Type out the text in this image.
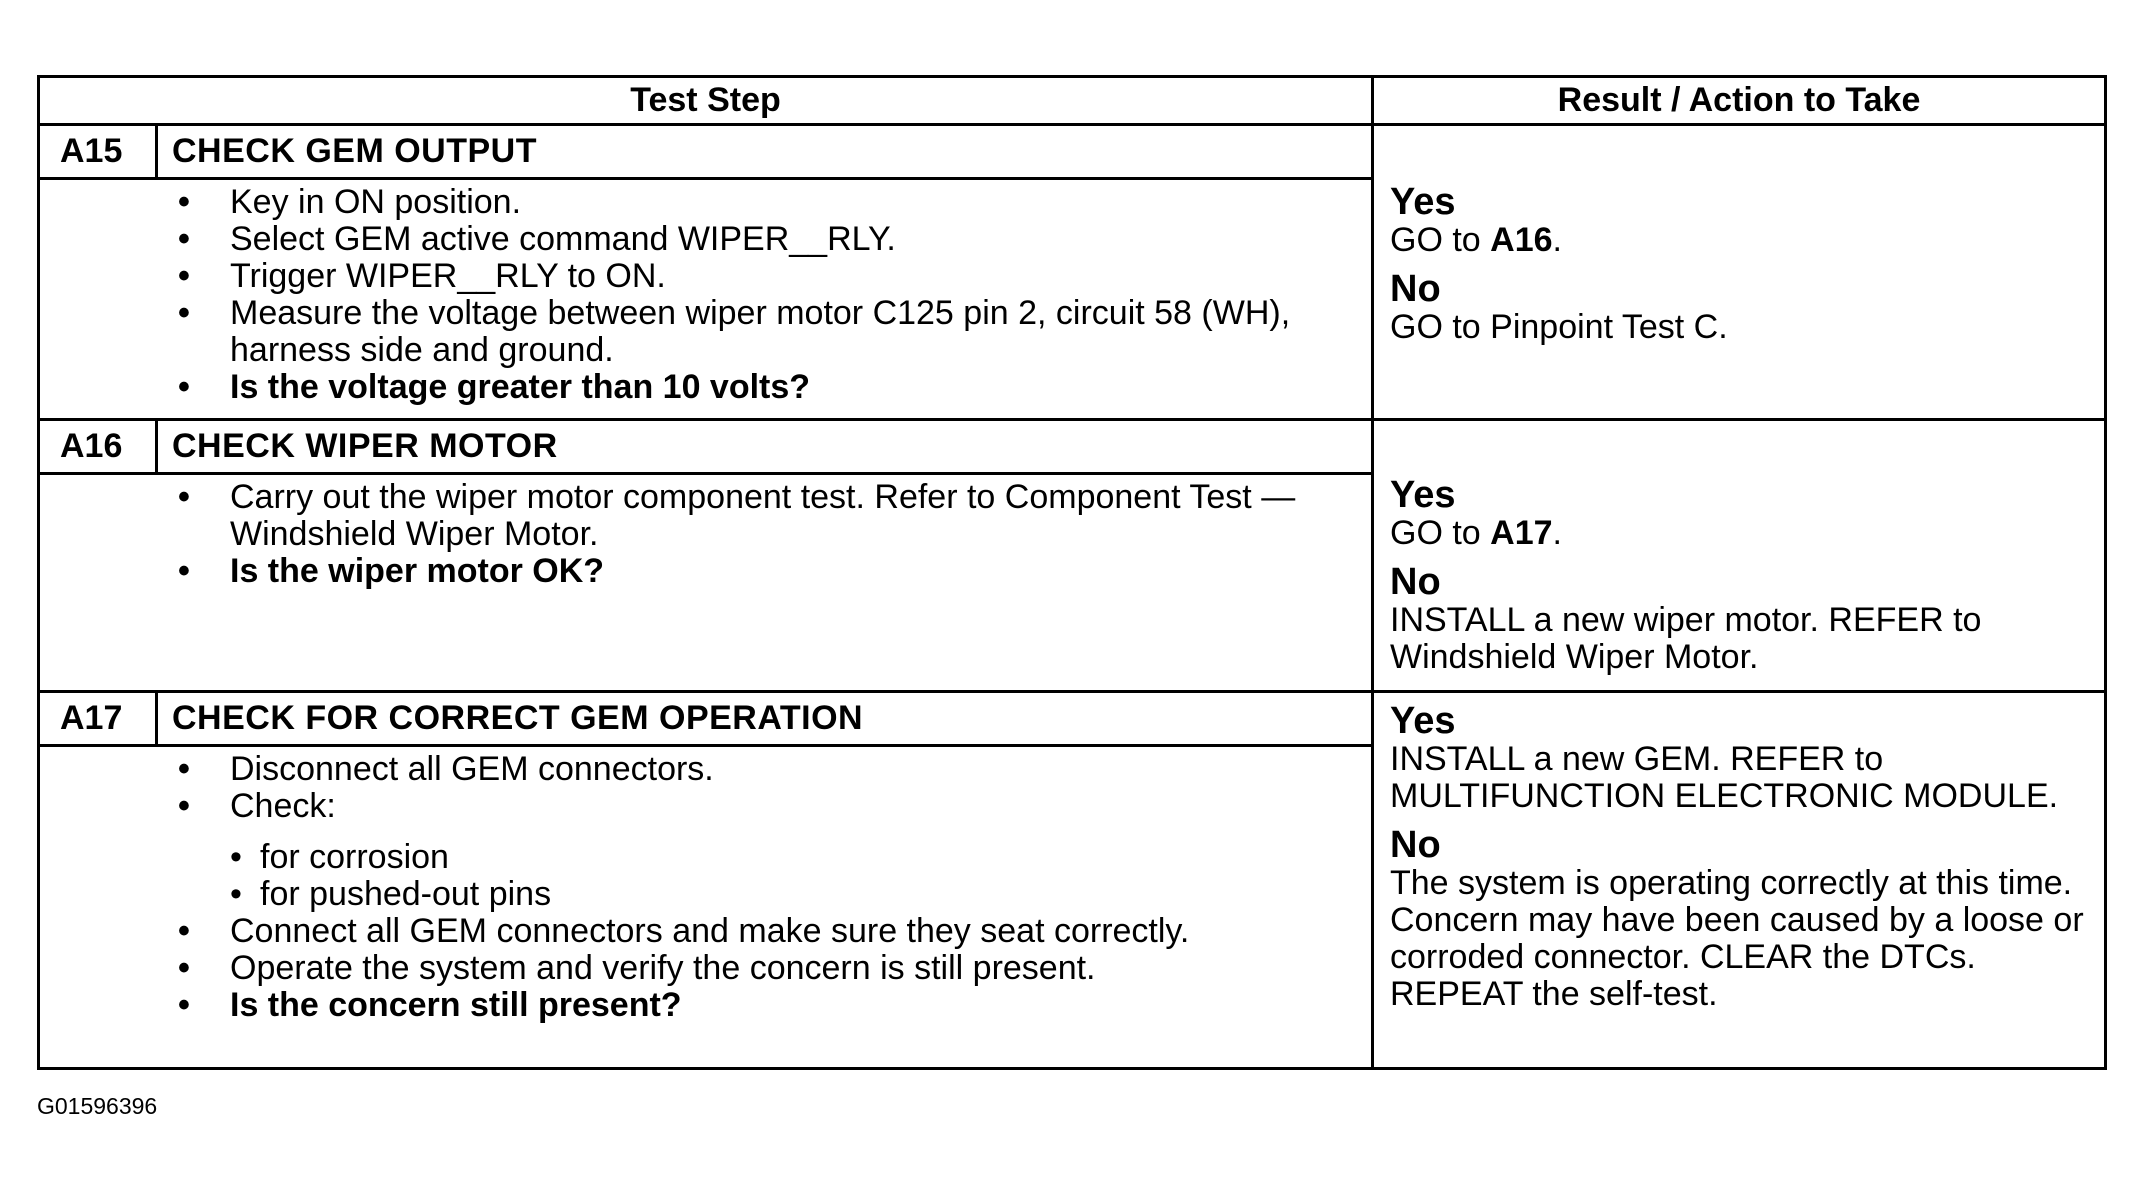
Test Step	Result / Action to Take
A15	CHECK GEM OUTPUT
• Key in ON position.
• Select GEM active command WIPER__RLY.
• Trigger WIPER__RLY to ON.
• Measure the voltage between wiper motor C125 pin 2, circuit 58 (WH), harness side and ground.
• Is the voltage greater than 10 volts?
Yes
GO to A16.
No
GO to Pinpoint Test C.
A16	CHECK WIPER MOTOR
• Carry out the wiper motor component test. Refer to Component Test — Windshield Wiper Motor.
• Is the wiper motor OK?
Yes
GO to A17.
No
INSTALL a new wiper motor. REFER to Windshield Wiper Motor.
A17	CHECK FOR CORRECT GEM OPERATION
• Disconnect all GEM connectors.
• Check:
• for corrosion
• for pushed-out pins
• Connect all GEM connectors and make sure they seat correctly.
• Operate the system and verify the concern is still present.
• Is the concern still present?
Yes
INSTALL a new GEM. REFER to MULTIFUNCTION ELECTRONIC MODULE.
No
The system is operating correctly at this time. Concern may have been caused by a loose or corroded connector. CLEAR the DTCs. REPEAT the self-test.
G01596396
